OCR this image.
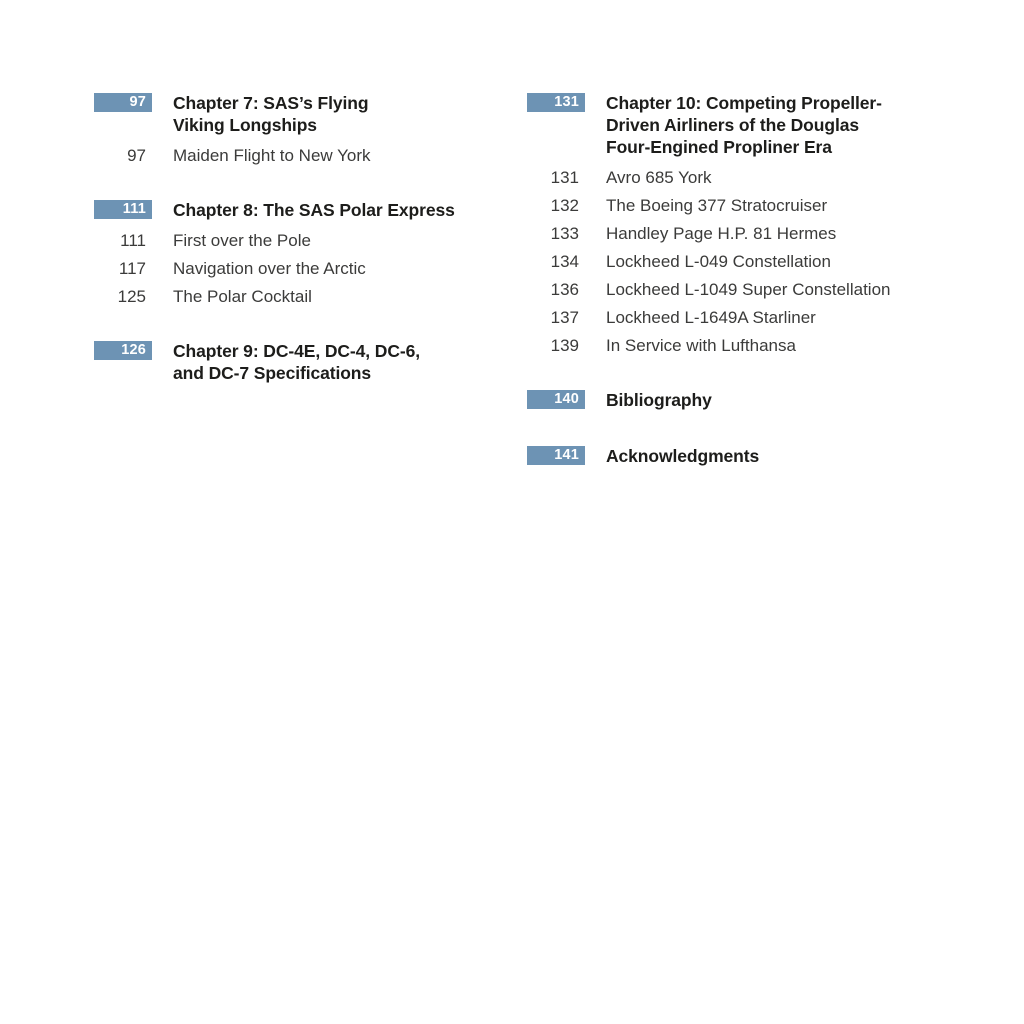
97	Chapter 7: SAS’s Flying
Viking Longships
97 Maiden Flight to New York
111	Chapter 8: The SAS Polar Express
111 First over the Pole
117 Navigation over the Arctic
125 The Polar Cocktail
126	Chapter 9: DC-4E, DC-4, DC-6,
and DC-7 Specifications
131	Chapter 10: Competing Propeller-
Driven Airliners of the Douglas
Four-Engined Propliner Era
131 Avro 685 York
132 The Boeing 377 Stratocruiser
133 Handley Page H.P. 81 Hermes
134 Lockheed L-049 Constellation
136 Lockheed L-1049 Super Constellation
137 Lockheed L-1649A Starliner
139 In Service with Lufthansa
140	Bibliography
141	Acknowledgments
